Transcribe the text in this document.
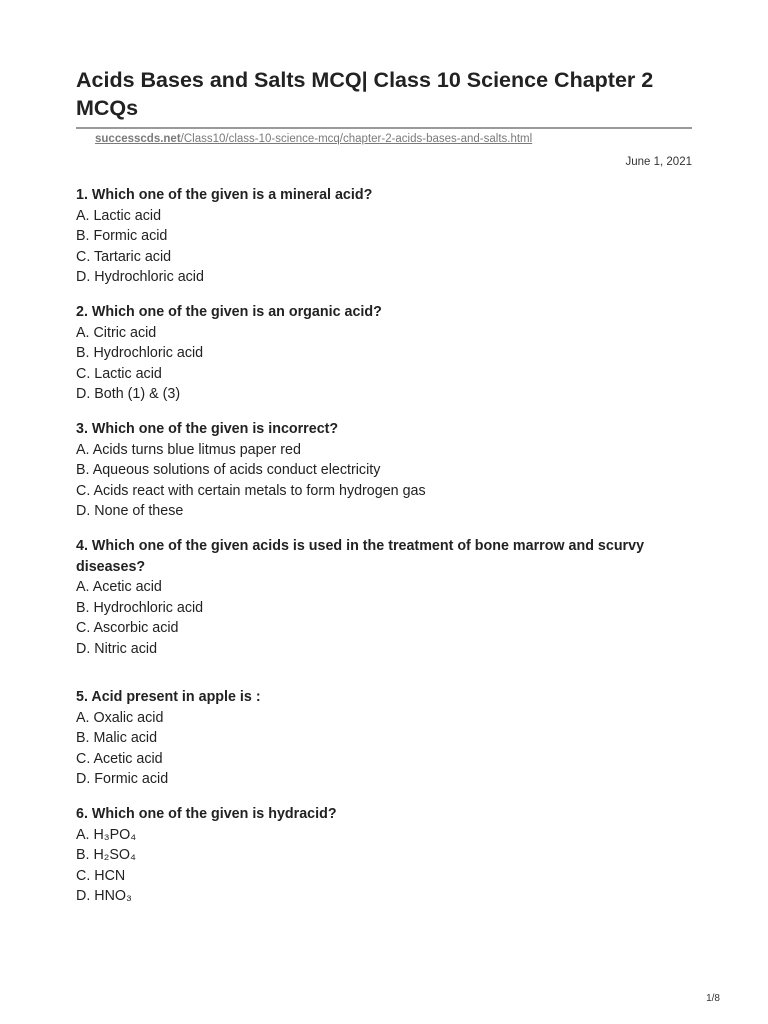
Acids Bases and Salts MCQ| Class 10 Science Chapter 2 MCQs
successcds.net/Class10/class-10-science-mcq/chapter-2-acids-bases-and-salts.html
June 1, 2021
1. Which one of the given is a mineral acid?
A. Lactic acid
B. Formic acid
C. Tartaric acid
D. Hydrochloric acid
2. Which one of the given is an organic acid?
A. Citric acid
B. Hydrochloric acid
C. Lactic acid
D. Both (1) & (3)
3. Which one of the given is incorrect?
A. Acids turns blue litmus paper red
B. Aqueous solutions of acids conduct electricity
C. Acids react with certain metals to form hydrogen gas
D. None of these
4. Which one of the given acids is used in the treatment of bone marrow and scurvy diseases?
A. Acetic acid
B. Hydrochloric acid
C. Ascorbic acid
D. Nitric acid
5. Acid present in apple is :
A. Oxalic acid
B. Malic acid
C. Acetic acid
D. Formic acid
6. Which one of the given is hydracid?
A. H₃PO₄
B. H₂SO₄
C. HCN
D. HNO₃
1/8
